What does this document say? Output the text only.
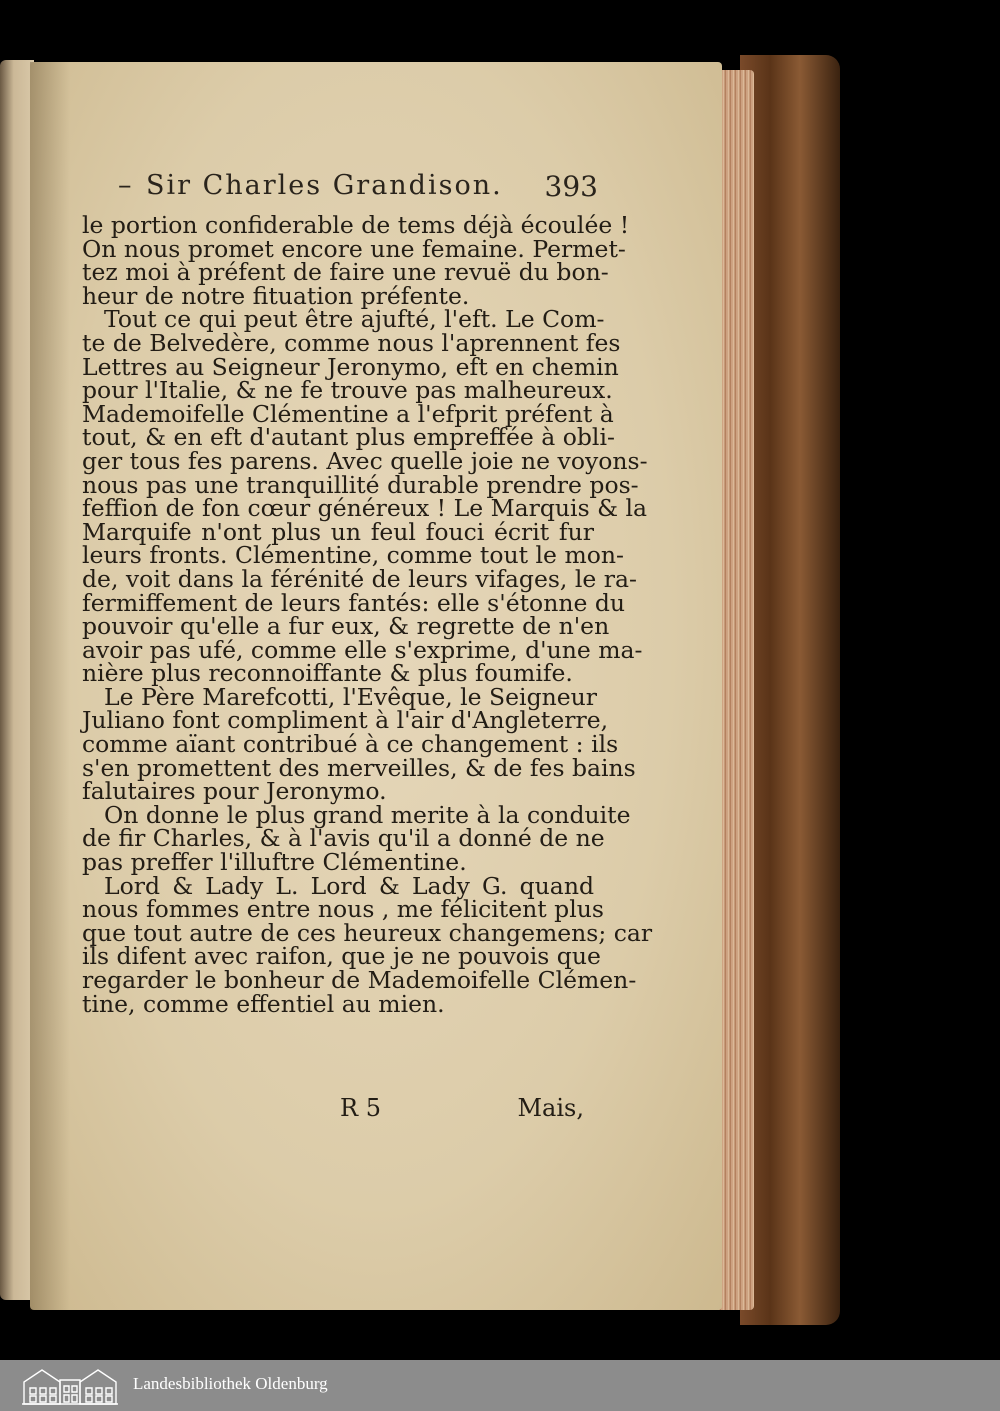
– Sir Charles Grandison. 393
le portion confiderable de tems déjà écoulée !
On nous promet encore une femaine. Permet-
tez moi à préfent de faire une revuë du bon-
heur de notre fituation préfente.
Tout ce qui peut être ajufté, l'eft. Le Com-
te de Belvedère, comme nous l'aprennent fes
Lettres au Seigneur Jeronymo, eft en chemin
pour l'Italie, & ne fe trouve pas malheureux.
Mademoifelle Clémentine a l'efprit préfent à
tout, & en eft d'autant plus empreffée à obli-
ger tous fes parens. Avec quelle joie ne voyons-
nous pas une tranquillité durable prendre pos-
feffion de fon cœur généreux ! Le Marquis & la
Marquife n'ont plus un feul fouci écrit fur
leurs fronts. Clémentine, comme tout le mon-
de, voit dans la férénité de leurs vifages, le ra-
fermiffement de leurs fantés: elle s'étonne du
pouvoir qu'elle a fur eux, & regrette de n'en
avoir pas ufé, comme elle s'exprime, d'une ma-
nière plus reconnoiffante & plus foumife.
Le Père Marefcotti, l'Evêque, le Seigneur
Juliano font compliment à l'air d'Angleterre,
comme aïant contribué à ce changement : ils
s'en promettent des merveilles, & de fes bains
falutaires pour Jeronymo.
On donne le plus grand merite à la conduite
de fir Charles, & à l'avis qu'il a donné de ne
pas preffer l'illuftre Clémentine.
Lord & Lady L. Lord & Lady G. quand
nous fommes entre nous , me félicitent plus
que tout autre de ces heureux changemens; car
ils difent avec raifon, que je ne pouvois que
regarder le bonheur de Mademoifelle Clémen-
tine, comme effentiel au mien.
R 5	Mais,
Landesbibliothek Oldenburg
